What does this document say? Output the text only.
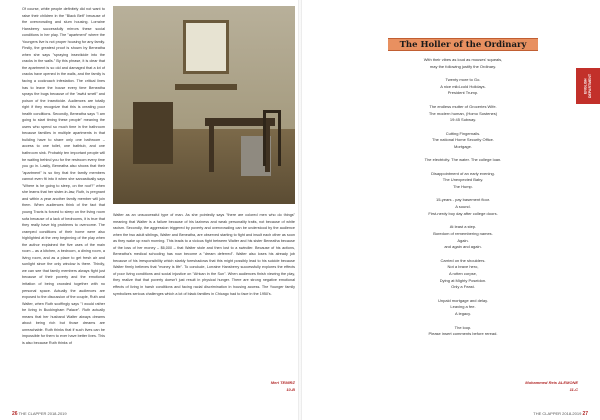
Of course, white people definitely did not want to raise their children in the "Black Belt" because of the overcrowding and slum housing. Lorraine Hansberry successfully mirrors these social conditions in her play. The "apartment" where the Youngers live is not proper housing for any family. Firstly, the greatest proof is shown by Beneatha when she says "spraying insecticide into the cracks in the walls." By this phrase, it is clear that the apartment is so old and damaged that a lot of cracks have opened in the walls, and the family is facing a cockroach infestation. The critical lines has to leave the house every time Beneatha sprays the bugs because of the "awful smell" and poison of the insecticide. Audiences are totally right if they recognize that this is creating poor health conditions. Secondly, Beneatha says "I am going to start timing these people" meaning the users who spend so much time in the bathroom because families in multiple apartments in that building have to share only one bathroom – access to one toilet, one bathtub, and one bathroom sink. Probably ten important people will be waiting behind you for the restroom every time you go in. Lastly, Beneatha also shows that their "apartment" is so tiny that the family members cannot even fit into it when she sarcastically says "Where is he going to sleep, on the roof?" when she learns that her sister-in-law, Ruth, is pregnant and within a year another family member will join them. When audiences think of the fact that young Travis is forced to sleep on the living room sofa because of a lack of bedrooms, it is true that they really have big problems to overcome. The cramped conditions of their home were also highlighted at the very beginning of the play when the author explained the five uses of the main room – as a kitchen, a bedroom, a dining room, a living room, and as a place to get fresh air and sunlight since the only window is there. Thirdly, we can see that family members always fight just because of their poverty and the emotional irritation of being crowded together with no personal space. Actually the audiences are exposed to the discussion of the couple, Ruth and Walter, when Ruth scoffingly says "I would rather be living in Buckingham Palace". Ruth actually means that her husband Walter always dreams about being rich but those dreams are unreachable. Ruth thinks that if such lives can be impossible for them to ever have better lives. This is also because Ruth thinks of
Walter as an unsuccessful type of man. As she pointedly says "there are colored men who do things" meaning that Walter is a failure because of his laziness and weak personality traits, not because of white racism. Secondly, the aggression triggered by poverty and overcrowding can be understood by the audience when the two adult siblings, Walter and Beneatha, are observed starting to fight and insult each other as soon as they wake up each morning. This leads to a vicious fight between Walter and his sister Beneatha because of the loss of her money – $6,000 – that Walter stole and then lost to a swindler. Because of his actions, Beneatha's medical schooling has now become a "dream deferred". Walter also loses his already job because of his irresponsibility which starkly foreshadows that this might possibly lead to his suicide because Walter firmly believes that "money is life". To conclude, Lorraine Hansberry successfully explores the effects of poor living conditions and social injustice on "African in the Sun". When audiences finish viewing the play, they realize that that poverty doesn't just result in physical hunger. There are strong negative emotional effects of living in harsh conditions and facing racial discrimination in housing access. The Younger family symbolizes serious challenges which a lot of black families in Chicago had to face in the 1950's.
Meri TEMIRZ
10-B
26 THE CLAPPER 2018-2019
The Holler of the Ordinary
ENGLISH DEPARTMENT
With their vibes as loud as mouses' squeals,
may the following justify the Ordinary.
Twenty more to Go.
A nice mild-cold Holidays.
President Trump.
The endless mutter of Groceries Wife.
The modern human, (Homo Sostenes)
19:45 Subway.
Cutting Fingernails.
The national Home Security Office.
Mortgage.
The electricity. The water. The college loan.
Disappointment of an early evening.
The Unexpected Baby.
The Hump.
15-years - pay basement floor.
A sound.
First-nerdy boy day after college doors.
At least a step.
Boredom of remembering names.
Again.
and again and again.
Carried on the shoulders.
Not a brave hero,
A rotten corpse,
Dying at Mighty Poseidon.
Only a Feast.
Unpaid mortgage and delay.
Leaving a fee.
A legacy.
The loop.
Please insert comments before reread.
Muhammed Reis ALEMONE
11-C
THE CLAPPER 2018-2019 27
